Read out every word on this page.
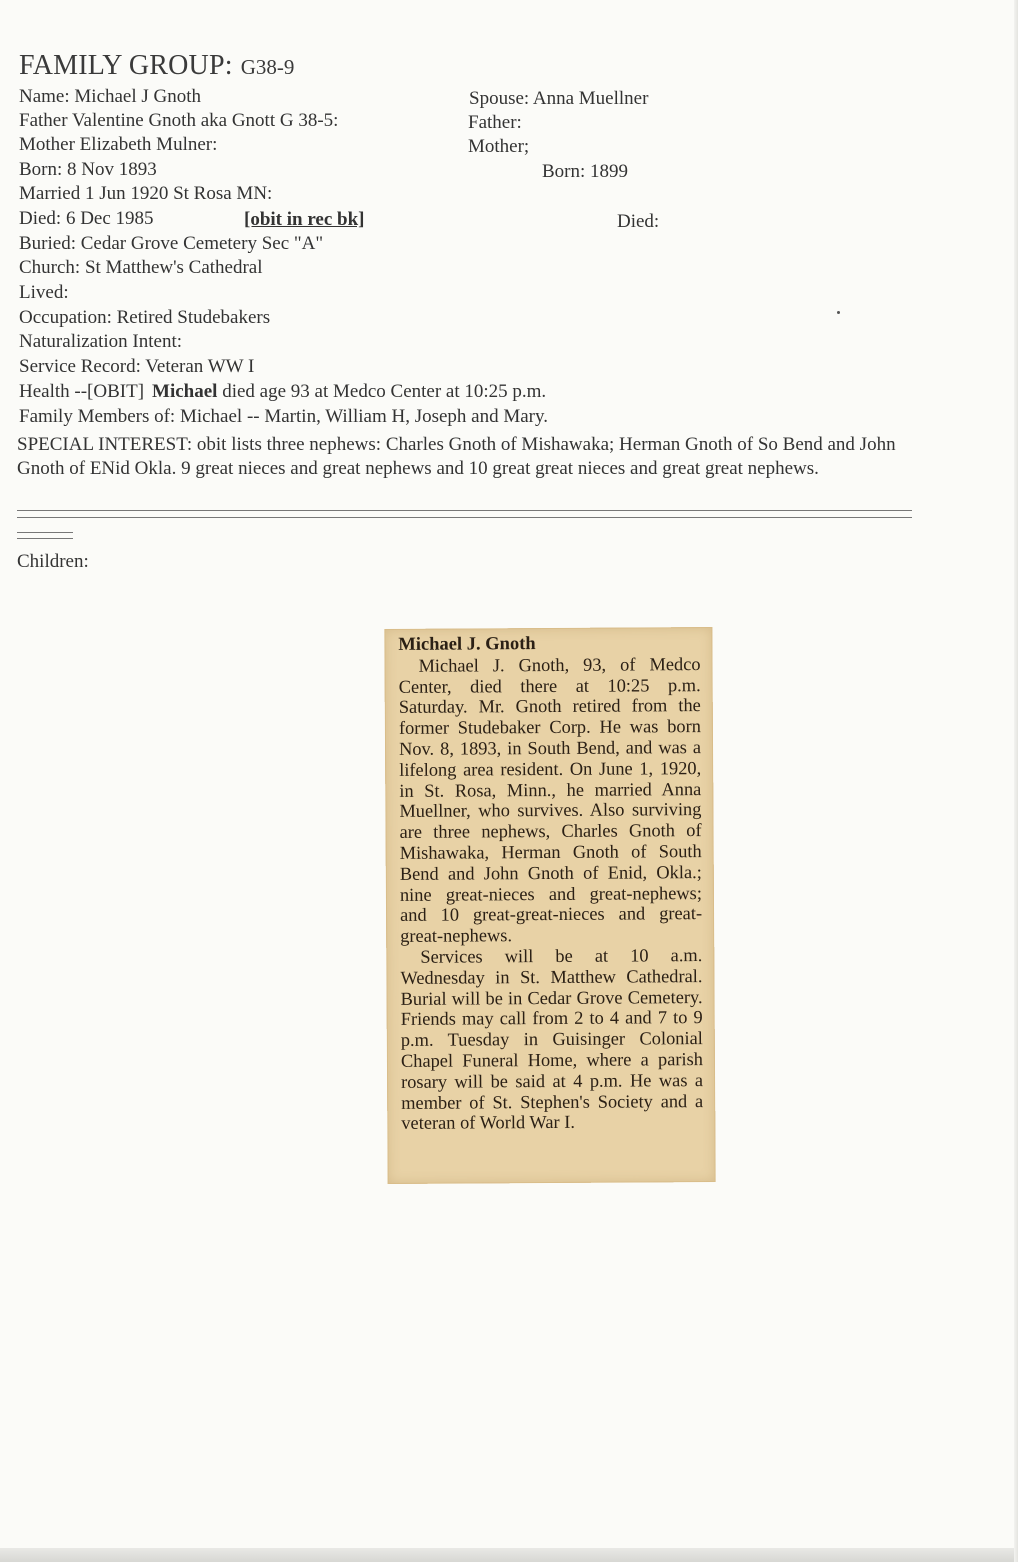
FAMILY GROUP: G38-9
Name: Michael J Gnoth
Father Valentine Gnoth aka Gnott G 38-5:
Mother Elizabeth Mulner:
Born: 8 Nov 1893
Married 1 Jun 1920 St Rosa MN:
Died: 6 Dec 1985	[obit in rec bk]
Buried: Cedar Grove Cemetery Sec "A"
Church: St Matthew's Cathedral
Lived:
Occupation: Retired Studebakers
Naturalization Intent:
Service Record: Veteran WW I
Health --[OBIT] Michael died age 93 at Medco Center at 10:25 p.m.
Family Members of: Michael -- Martin, William H, Joseph and Mary.
Spouse: Anna Muellner
Father:
Mother;
Born: 1899
Died:
SPECIAL INTEREST: obit lists three nephews: Charles Gnoth of Mishawaka; Herman Gnoth of So Bend and John Gnoth of ENid Okla. 9 great nieces and great nephews and 10 great great nieces and great great nephews.
Children:
Michael J. Gnoth

Michael J. Gnoth, 93, of Medco Center, died there at 10:25 p.m. Saturday. Mr. Gnoth retired from the former Studebaker Corp. He was born Nov. 8, 1893, in South Bend, and was a lifelong area resident. On June 1, 1920, in St. Rosa, Minn., he married Anna Muellner, who survives. Also surviving are three nephews, Charles Gnoth of Mishawaka, Herman Gnoth of South Bend and John Gnoth of Enid, Okla.; nine great-nieces and great-nephews; and 10 great-great-nieces and great-great-nephews.

Services will be at 10 a.m. Wednesday in St. Matthew Cathedral. Burial will be in Cedar Grove Cemetery. Friends may call from 2 to 4 and 7 to 9 p.m. Tuesday in Guisinger Colonial Chapel Funeral Home, where a parish rosary will be said at 4 p.m. He was a member of St. Stephen's Society and a veteran of World War I.
